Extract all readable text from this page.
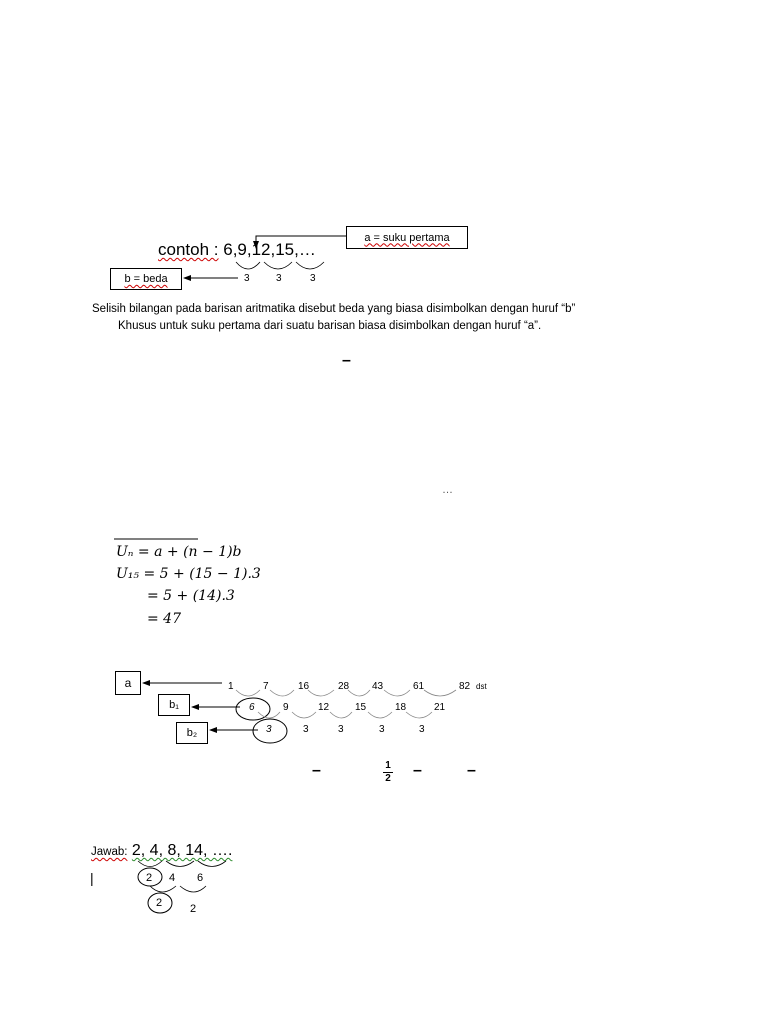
contoh : 6,9,12,15,…
a = suku pertama
b = beda	3	3	3
Selisih bilangan pada barisan aritmatika disebut beda yang biasa disimbolkan dengan huruf “b”
Khusus untuk suku pertama dari suatu barisan biasa disimbolkan dengan huruf “a”.
–
…
Uₙ = a + (n − 1)b
U₁₅ = 5 + (15 − 1).3
= 5 + (14).3
= 47
a
b₁
b₂
1	7	16	28 43	61	82 dst
6	9	12	15	18	21
3	3	3	3	3
–	$\frac{1}{2}$ –	–
Jawab: 2, 4, 8, 14, ….
|	2 4 6
2	2
